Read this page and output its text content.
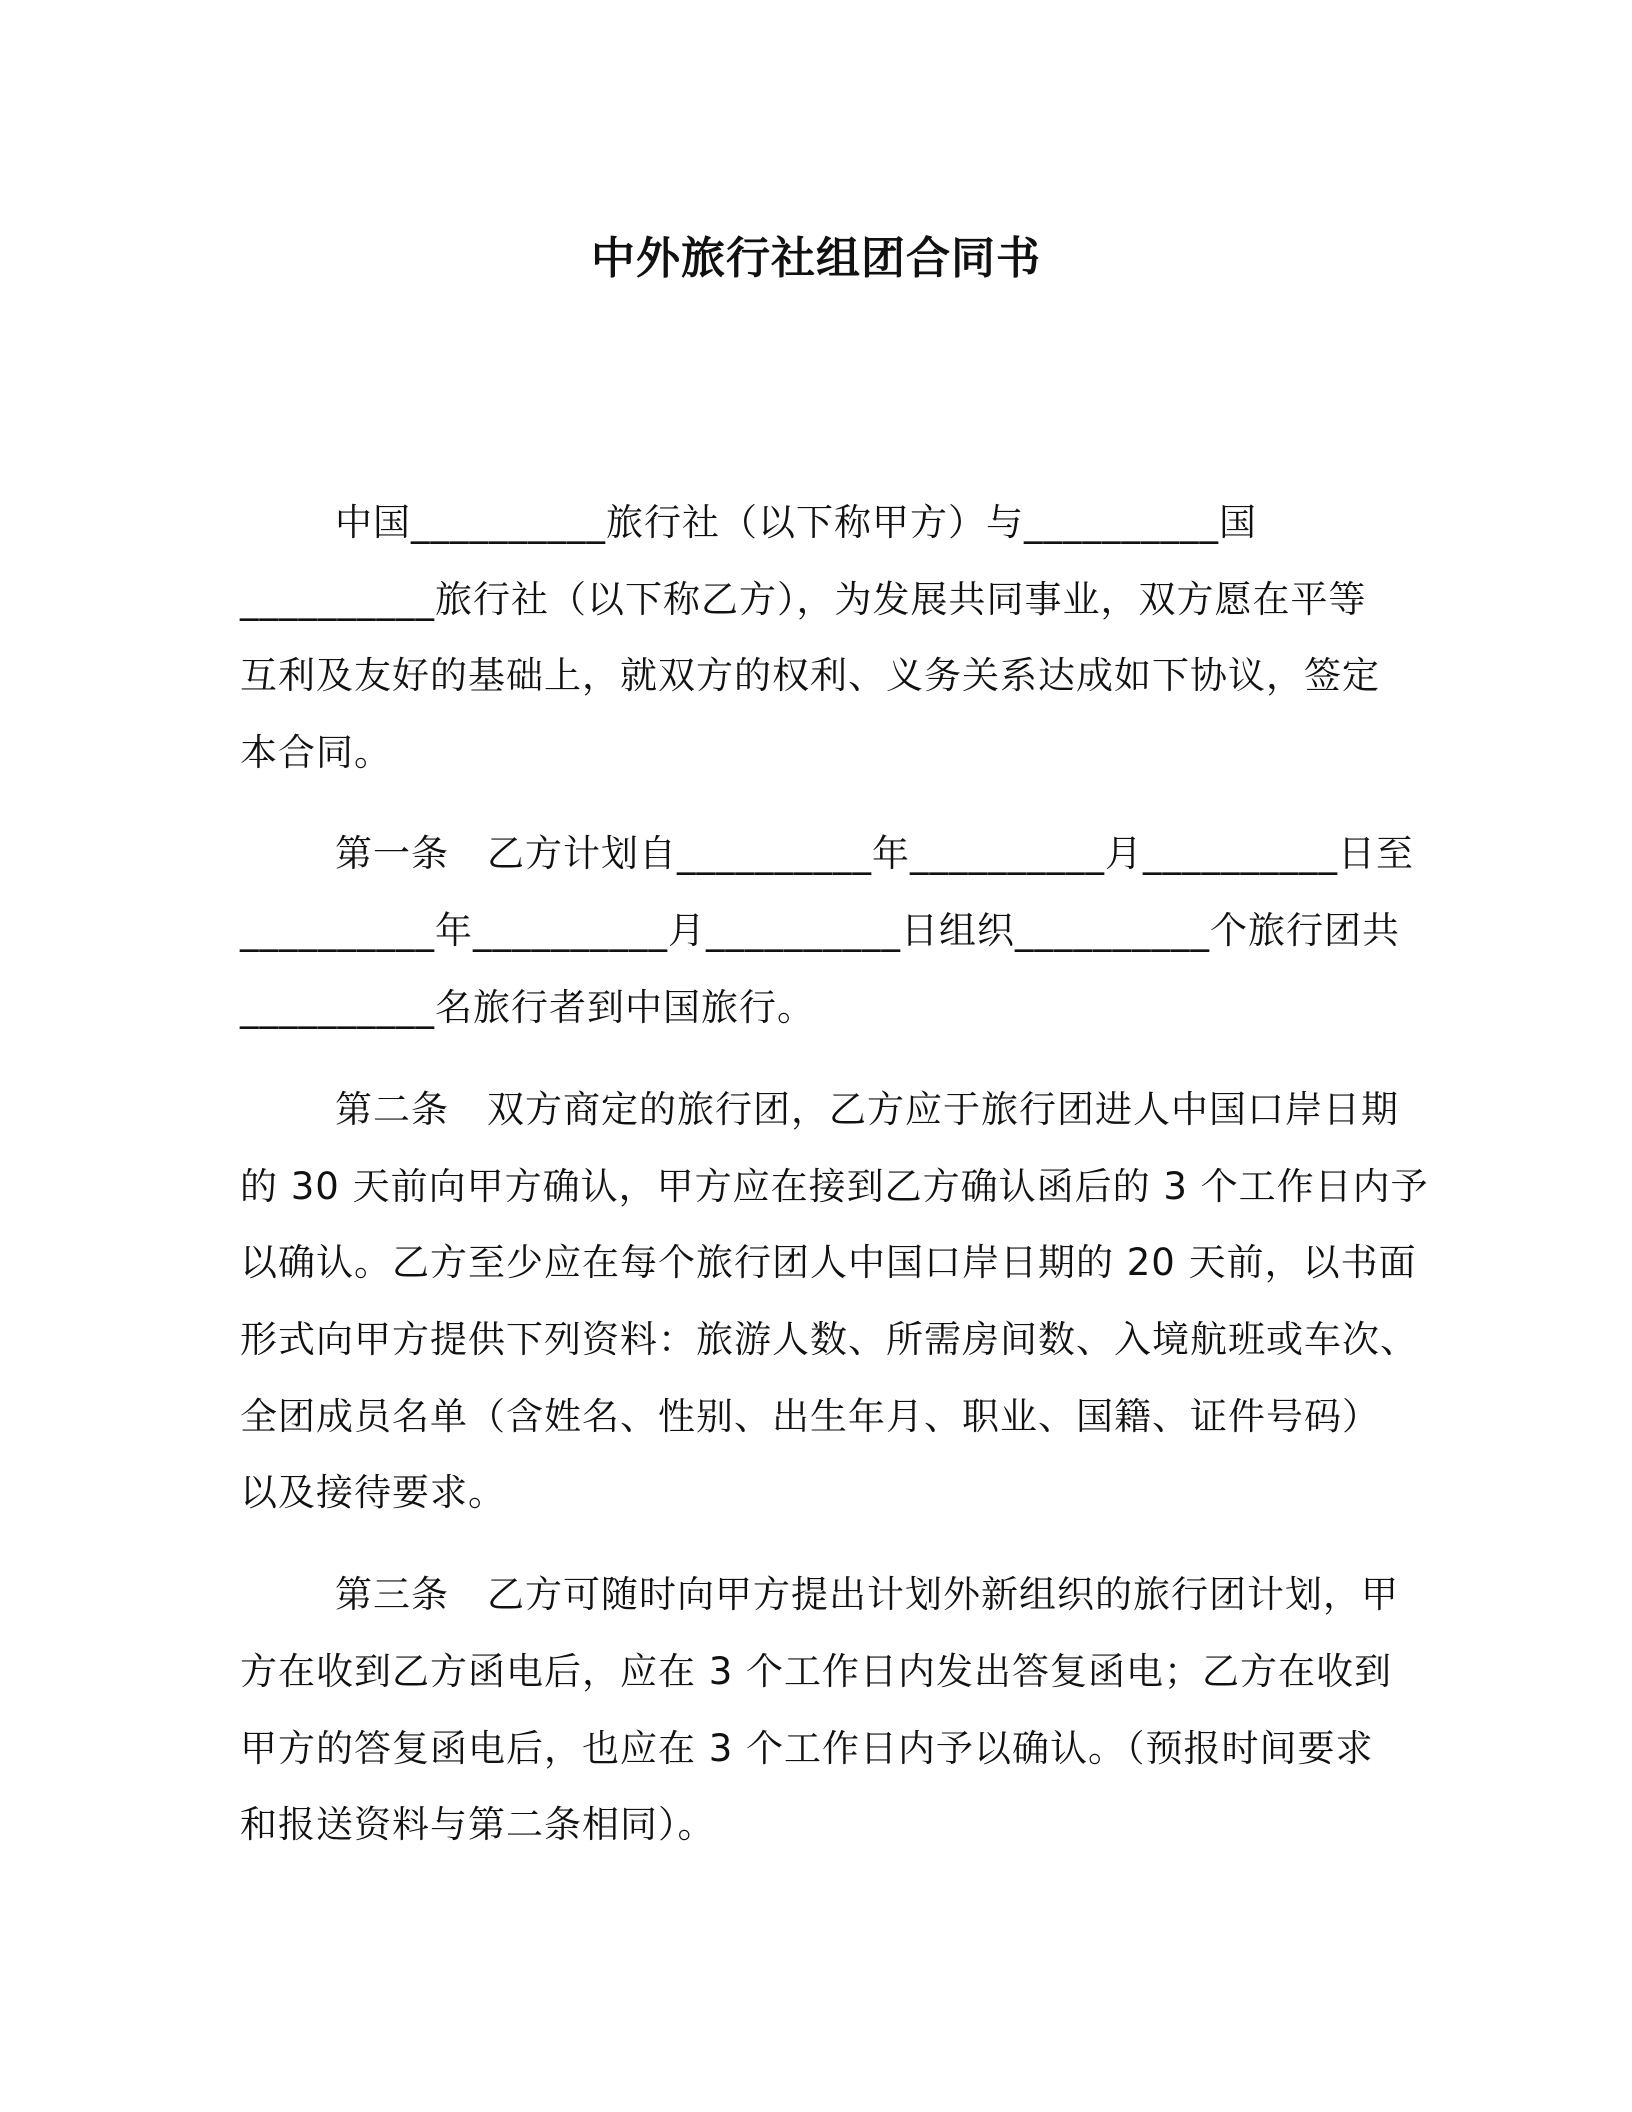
中外旅行社组团合同书
中国__________旅行社（以下称甲方）与__________国
__________旅行社（以下称乙方），为发展共同事业，双方愿在平等
互利及友好的基础上，就双方的权利、义务关系达成如下协议，签定
本合同。
第一条　乙方计划自__________年__________月__________日至
__________年__________月__________日组织__________个旅行团共
__________名旅行者到中国旅行。
第二条　双方商定的旅行团，乙方应于旅行团进人中国口岸日期
的 30 天前向甲方确认，甲方应在接到乙方确认函后的 3 个工作日内予
以确认。乙方至少应在每个旅行团人中国口岸日期的 20 天前，以书面
形式向甲方提供下列资料：旅游人数、所需房间数、入境航班或车次、
全团成员名单（含姓名、性别、出生年月、职业、国籍、证件号码）
以及接待要求。
第三条　乙方可随时向甲方提出计划外新组织的旅行团计划，甲
方在收到乙方函电后，应在 3 个工作日内发出答复函电；乙方在收到
甲方的答复函电后，也应在 3 个工作日内予以确认。（预报时间要求
和报送资料与第二条相同）。
